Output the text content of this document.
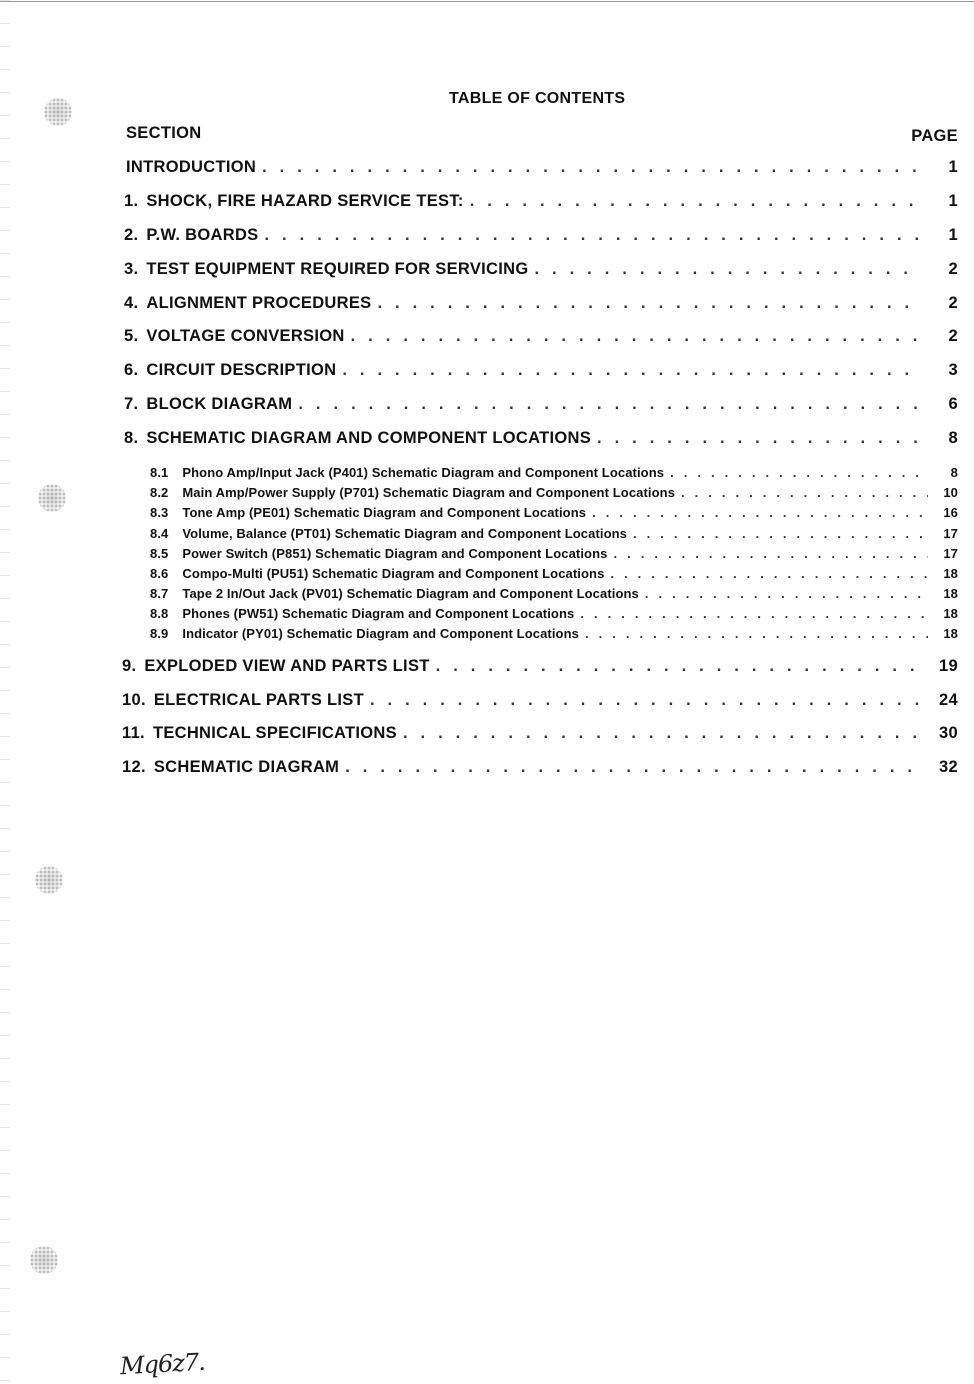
TABLE OF CONTENTS
SECTION	PAGE
INTRODUCTION . . .	1
1. SHOCK, FIRE HAZARD SERVICE TEST: . . .	1
2. P.W. BOARDS . . .	1
3. TEST EQUIPMENT REQUIRED FOR SERVICING . . .	2
4. ALIGNMENT PROCEDURES . . .	2
5. VOLTAGE CONVERSION . . .	2
6. CIRCUIT DESCRIPTION . . .	3
7. BLOCK DIAGRAM . . .	6
8. SCHEMATIC DIAGRAM AND COMPONENT LOCATIONS . . .	8
8.1	Phono Amp/Input Jack (P401) Schematic Diagram and Component Locations . . .	8
8.2	Main Amp/Power Supply (P701) Schematic Diagram and Component Locations . . .	10
8.3	Tone Amp (PE01) Schematic Diagram and Component Locations . . .	16
8.4	Volume, Balance (PT01) Schematic Diagram and Component Locations . . .	17
8.5	Power Switch (P851) Schematic Diagram and Component Locations . . .	17
8.6	Compo-Multi (PU51) Schematic Diagram and Component Locations . . .	18
8.7	Tape 2 In/Out Jack (PV01) Schematic Diagram and Component Locations . . .	18
8.8	Phones (PW51) Schematic Diagram and Component Locations . . .	18
8.9	Indicator (PY01) Schematic Diagram and Component Locations . . .	18
9. EXPLODED VIEW AND PARTS LIST . . .	19
10. ELECTRICAL PARTS LIST . . .	24
11. TECHNICAL SPECIFICATIONS . . .	30
12. SCHEMATIC DIAGRAM . . .	32
Mq6z7.
